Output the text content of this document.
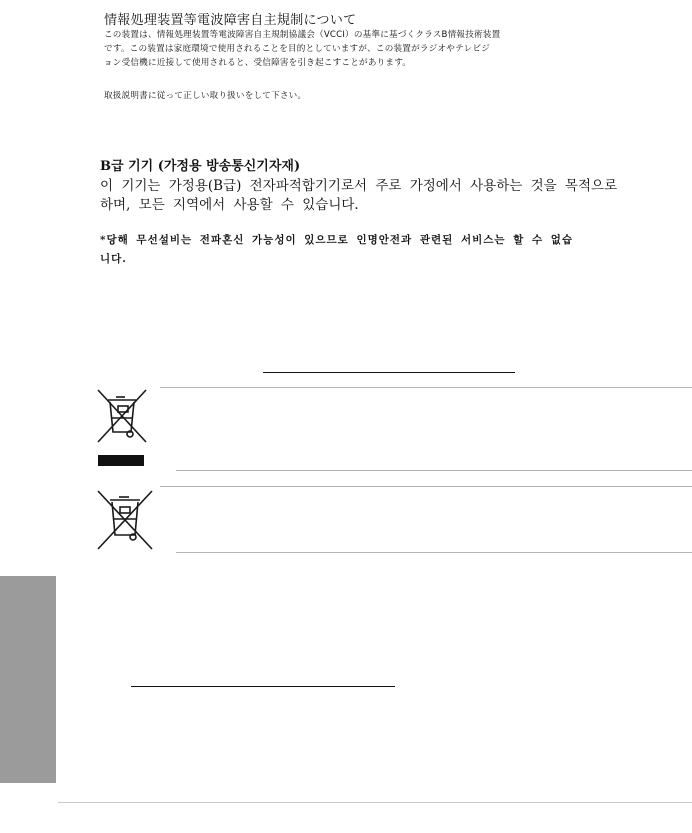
情報処理装置等電波障害自主規制について
この装置は、情報処理装置等電波障害自主規制協議会（VCCI）の基準に基づくクラスB情報技術装置
です。この装置は家庭環境で使用されることを目的としていますが、この装置がラジオやテレビジ
ョン受信機に近接して使用されると、受信障害を引き起こすことがあります。
取扱説明書に従って正しい取り扱いをして下さい。
B급 기기 (가정용 방송통신기자재)
이 기기는 가정용(B급) 전자파적합기기로서 주로 가정에서 사용하는 것을 목적으로
하며, 모든 지역에서 사용할 수 있습니다.
*당해 무선설비는 전파혼신 가능성이 있으므로 인명안전과 관련된 서비스는 할 수 없습
니다.
